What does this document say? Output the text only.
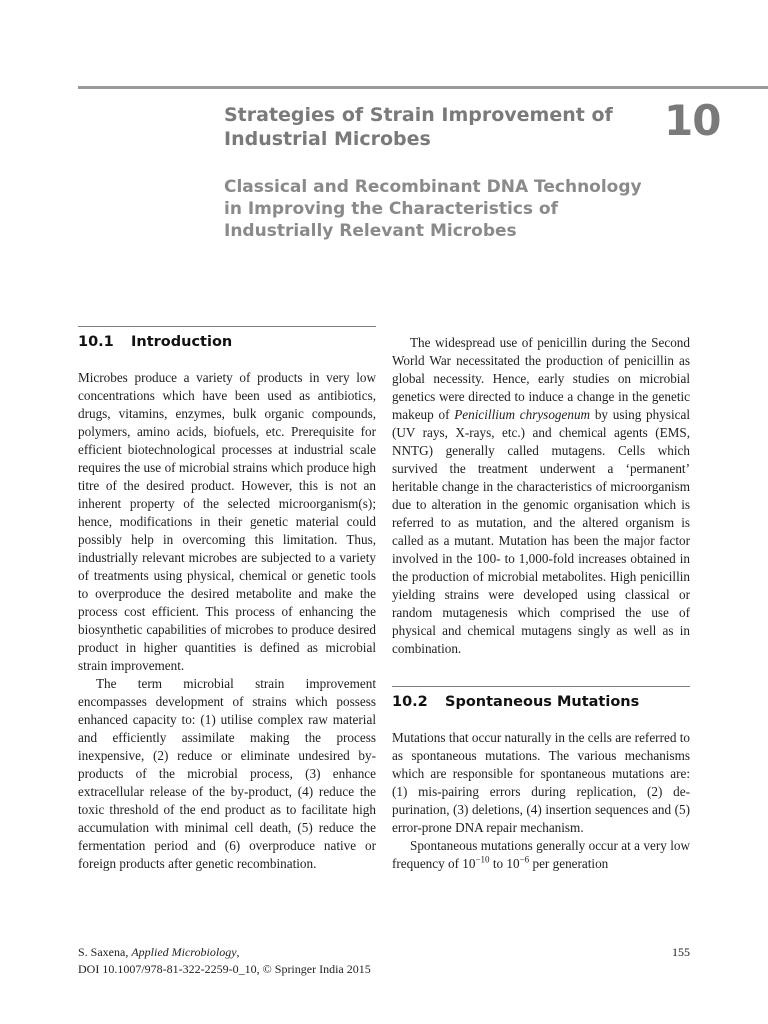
Strategies of Strain Improvement of Industrial Microbes	10
Classical and Recombinant DNA Technology in Improving the Characteristics of Industrially Relevant Microbes
10.1	Introduction

Microbes produce a variety of products in very low concentrations which have been used as antibiotics, drugs, vitamins, enzymes, bulk organic compounds, polymers, amino acids, biofuels, etc. Prerequisite for efficient biotechnological processes at industrial scale requires the use of microbial strains which produce high titre of the desired product. However, this is not an inherent property of the selected microorganism(s); hence, modifications in their genetic material could possibly help in overcoming this limitation. Thus, industrially relevant microbes are subjected to a variety of treatments using physical, chemical or genetic tools to overproduce the desired metabolite and make the process cost efficient. This process of enhancing the biosynthetic capabilities of microbes to produce desired product in higher quantities is defined as microbial strain improvement.

The term microbial strain improvement encompasses development of strains which possess enhanced capacity to: (1) utilise complex raw material and efficiently assimilate making the process inexpensive, (2) reduce or eliminate undesired by-products of the microbial process, (3) enhance extracellular release of the by-product, (4) reduce the toxic threshold of the end product as to facilitate high accumulation with minimal cell death, (5) reduce the fermentation period and (6) overproduce native or foreign products after genetic recombination.

The widespread use of penicillin during the Second World War necessitated the production of penicillin as global necessity. Hence, early studies on microbial genetics were directed to induce a change in the genetic makeup of Penicillium chrysogenum by using physical (UV rays, X-rays, etc.) and chemical agents (EMS, NNTG) generally called mutagens. Cells which survived the treatment underwent a ‘permanent’ heritable change in the characteristics of microorganism due to alteration in the genomic organisation which is referred to as mutation, and the altered organism is called as a mutant. Mutation has been the major factor involved in the 100- to 1,000-fold increases obtained in the production of microbial metabolites. High penicillin yielding strains were developed using classical or random mutagenesis which comprised the use of physical and chemical mutagens singly as well as in combination.

10.2	Spontaneous Mutations

Mutations that occur naturally in the cells are referred to as spontaneous mutations. The various mechanisms which are responsible for spontaneous mutations are: (1) mis-pairing errors during replication, (2) de-purination, (3) deletions, (4) insertion sequences and (5) error-prone DNA repair mechanism.

Spontaneous mutations generally occur at a very low frequency of $10^{-10}$ to $10^{-6}$ per generation

S. Saxena, Applied Microbiology,
DOI 10.1007/978-81-322-2259-0_10, © Springer India 2015
155
